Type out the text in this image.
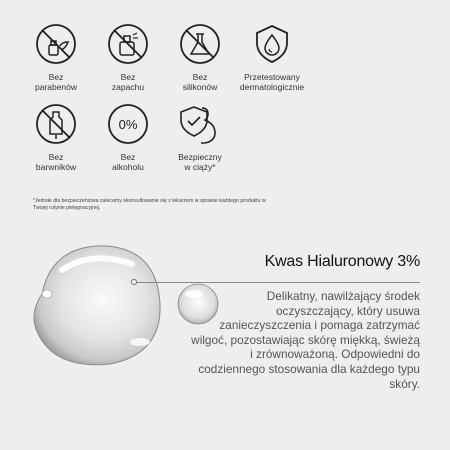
Bez
parabenów
Bez
zapachu
Bez
silikonów
Przetestowany
dermatologicznie
Bez
barwników
0%
Bez
alkoholu
Bezpieczny
w ciąży*
*Jednak dla bezpieczeństwa zalecamy skonsultowanie się z lekarzem w sprawie każdego produktu w Twojej rutynie pielęgnacyjnej.
Kwas Hialuronowy 3%
Delikatny, nawilżający środek oczyszczający, który usuwa zanieczyszczenia i pomaga zatrzymać wilgoć, pozostawiając skórę miękką, świeżą i zrównoważoną. Odpowiedni do codziennego stosowania dla każdego typu skóry.
